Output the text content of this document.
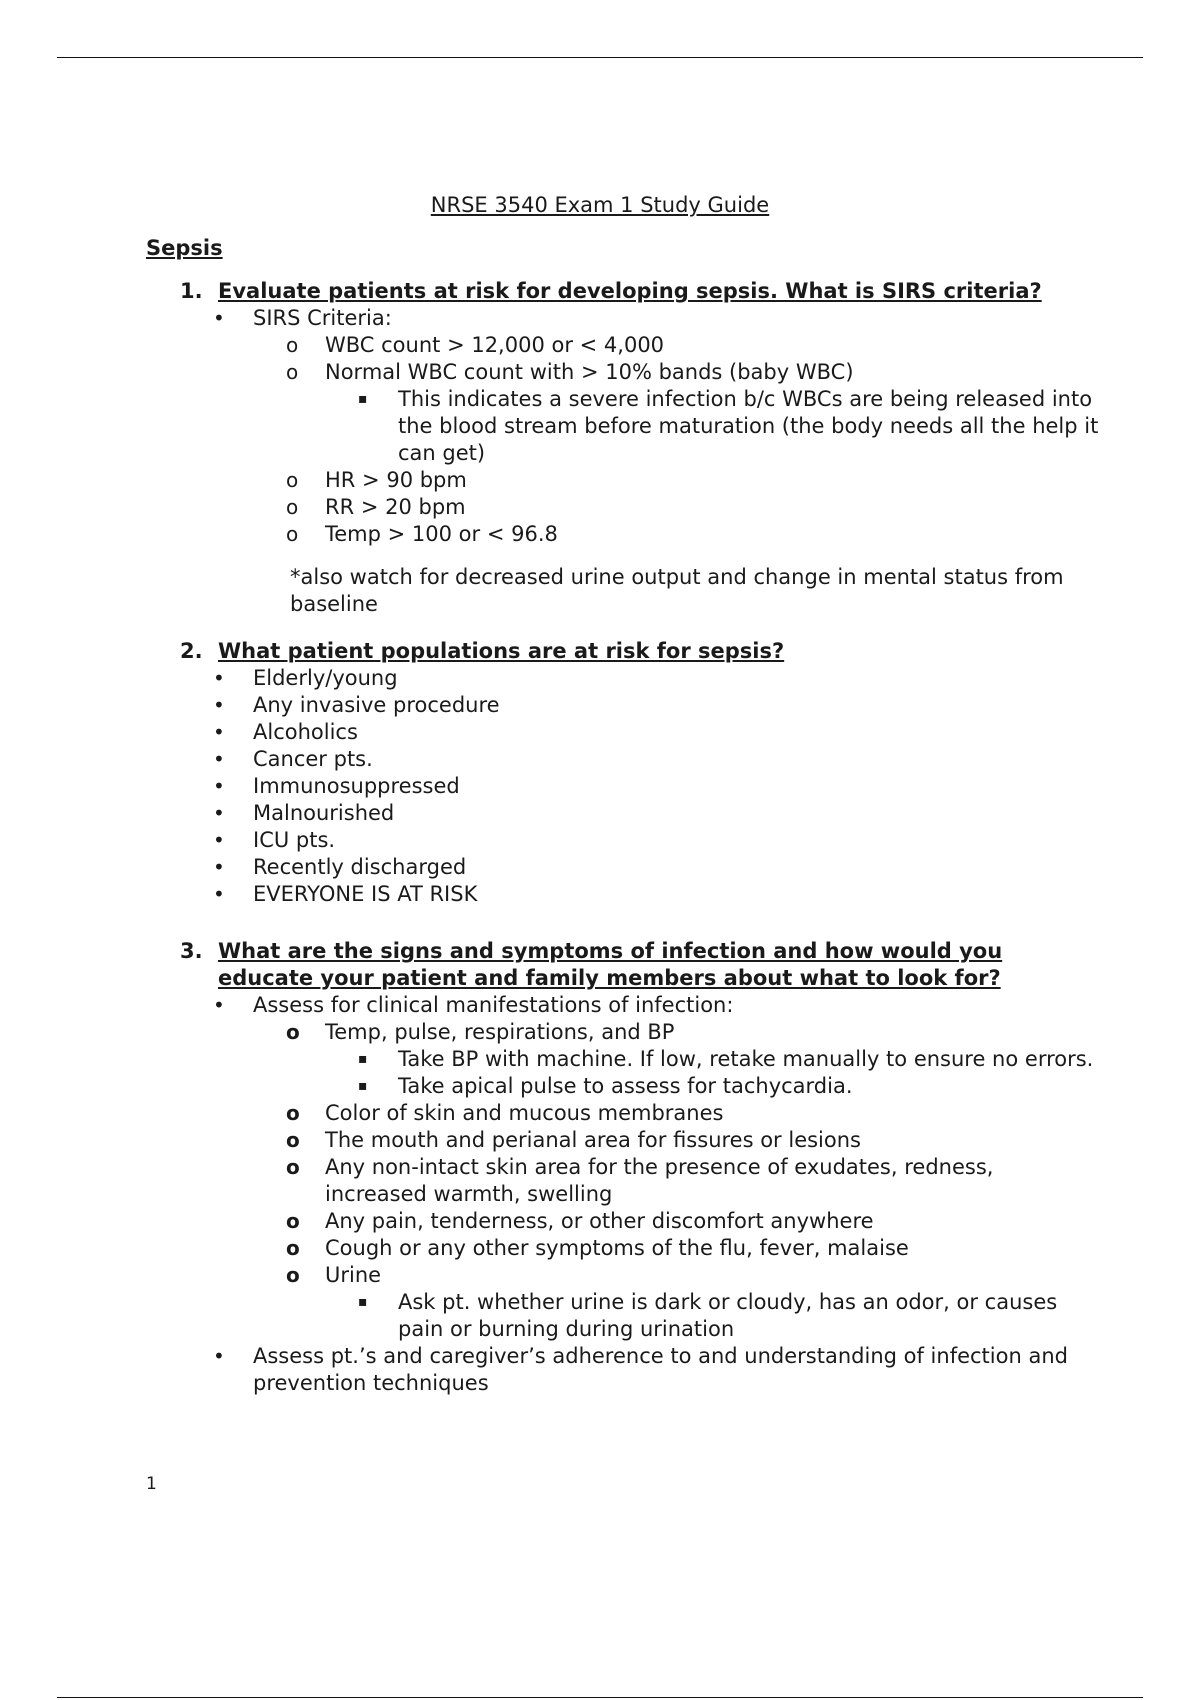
NRSE 3540 Exam 1 Study Guide
Sepsis
1. Evaluate patients at risk for developing sepsis. What is SIRS criteria?
• SIRS Criteria:
o WBC count > 12,000 or < 4,000
o Normal WBC count with > 10% bands (baby WBC)
▪ This indicates a severe infection b/c WBCs are being released into the blood stream before maturation (the body needs all the help it can get)
o HR > 90 bpm
o RR > 20 bpm
o Temp > 100 or < 96.8
*also watch for decreased urine output and change in mental status from baseline
2. What patient populations are at risk for sepsis?
• Elderly/young
• Any invasive procedure
• Alcoholics
• Cancer pts.
• Immunosuppressed
• Malnourished
• ICU pts.
• Recently discharged
• EVERYONE IS AT RISK
3. What are the signs and symptoms of infection and how would you educate your patient and family members about what to look for?
• Assess for clinical manifestations of infection:
o Temp, pulse, respirations, and BP
▪ Take BP with machine. If low, retake manually to ensure no errors.
▪ Take apical pulse to assess for tachycardia.
o Color of skin and mucous membranes
o The mouth and perianal area for fissures or lesions
o Any non-intact skin area for the presence of exudates, redness, increased warmth, swelling
o Any pain, tenderness, or other discomfort anywhere
o Cough or any other symptoms of the flu, fever, malaise
o Urine
▪ Ask pt. whether urine is dark or cloudy, has an odor, or causes pain or burning during urination
• Assess pt.’s and caregiver’s adherence to and understanding of infection and prevention techniques
1
